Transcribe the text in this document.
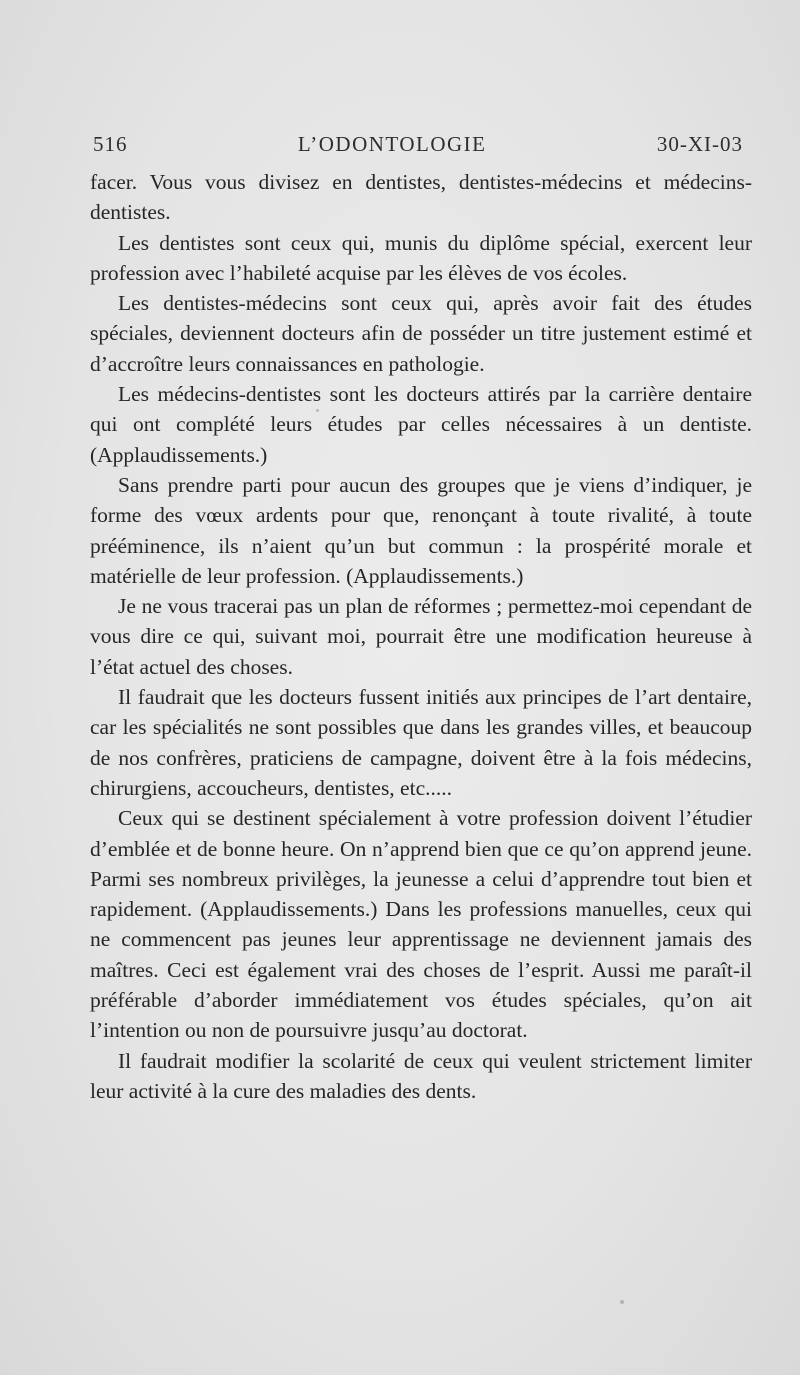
516	L’ODONTOLOGIE	30-XI-03

facer. Vous vous divisez en dentistes, dentistes-médecins et médecins-dentistes.

Les dentistes sont ceux qui, munis du diplôme spécial, exercent leur profession avec l’habileté acquise par les élèves de vos écoles.

Les dentistes-médecins sont ceux qui, après avoir fait des études spéciales, deviennent docteurs afin de posséder un titre justement estimé et d’accroître leurs connaissances en pathologie.

Les médecins-dentistes sont les docteurs attirés par la carrière dentaire qui ont complété leurs études par celles nécessaires à un dentiste. (Applaudissements.)

Sans prendre parti pour aucun des groupes que je viens d’indiquer, je forme des vœux ardents pour que, renonçant à toute rivalité, à toute prééminence, ils n’aient qu’un but commun : la prospérité morale et matérielle de leur profession. (Applaudissements.)

Je ne vous tracerai pas un plan de réformes ; permettez-moi cependant de vous dire ce qui, suivant moi, pourrait être une modification heureuse à l’état actuel des choses.

Il faudrait que les docteurs fussent initiés aux principes de l’art dentaire, car les spécialités ne sont possibles que dans les grandes villes, et beaucoup de nos confrères, praticiens de campagne, doivent être à la fois médecins, chirurgiens, accoucheurs, dentistes, etc.....

Ceux qui se destinent spécialement à votre profession doivent l’étudier d’emblée et de bonne heure. On n’apprend bien que ce qu’on apprend jeune. Parmi ses nombreux privilèges, la jeunesse a celui d’apprendre tout bien et rapidement. (Applaudissements.) Dans les professions manuelles, ceux qui ne commencent pas jeunes leur apprentissage ne deviennent jamais des maîtres. Ceci est également vrai des choses de l’esprit. Aussi me paraît-il préférable d’aborder immédiatement vos études spéciales, qu’on ait l’intention ou non de poursuivre jusqu’au doctorat.

Il faudrait modifier la scolarité de ceux qui veulent strictement limiter leur activité à la cure des maladies des dents.
